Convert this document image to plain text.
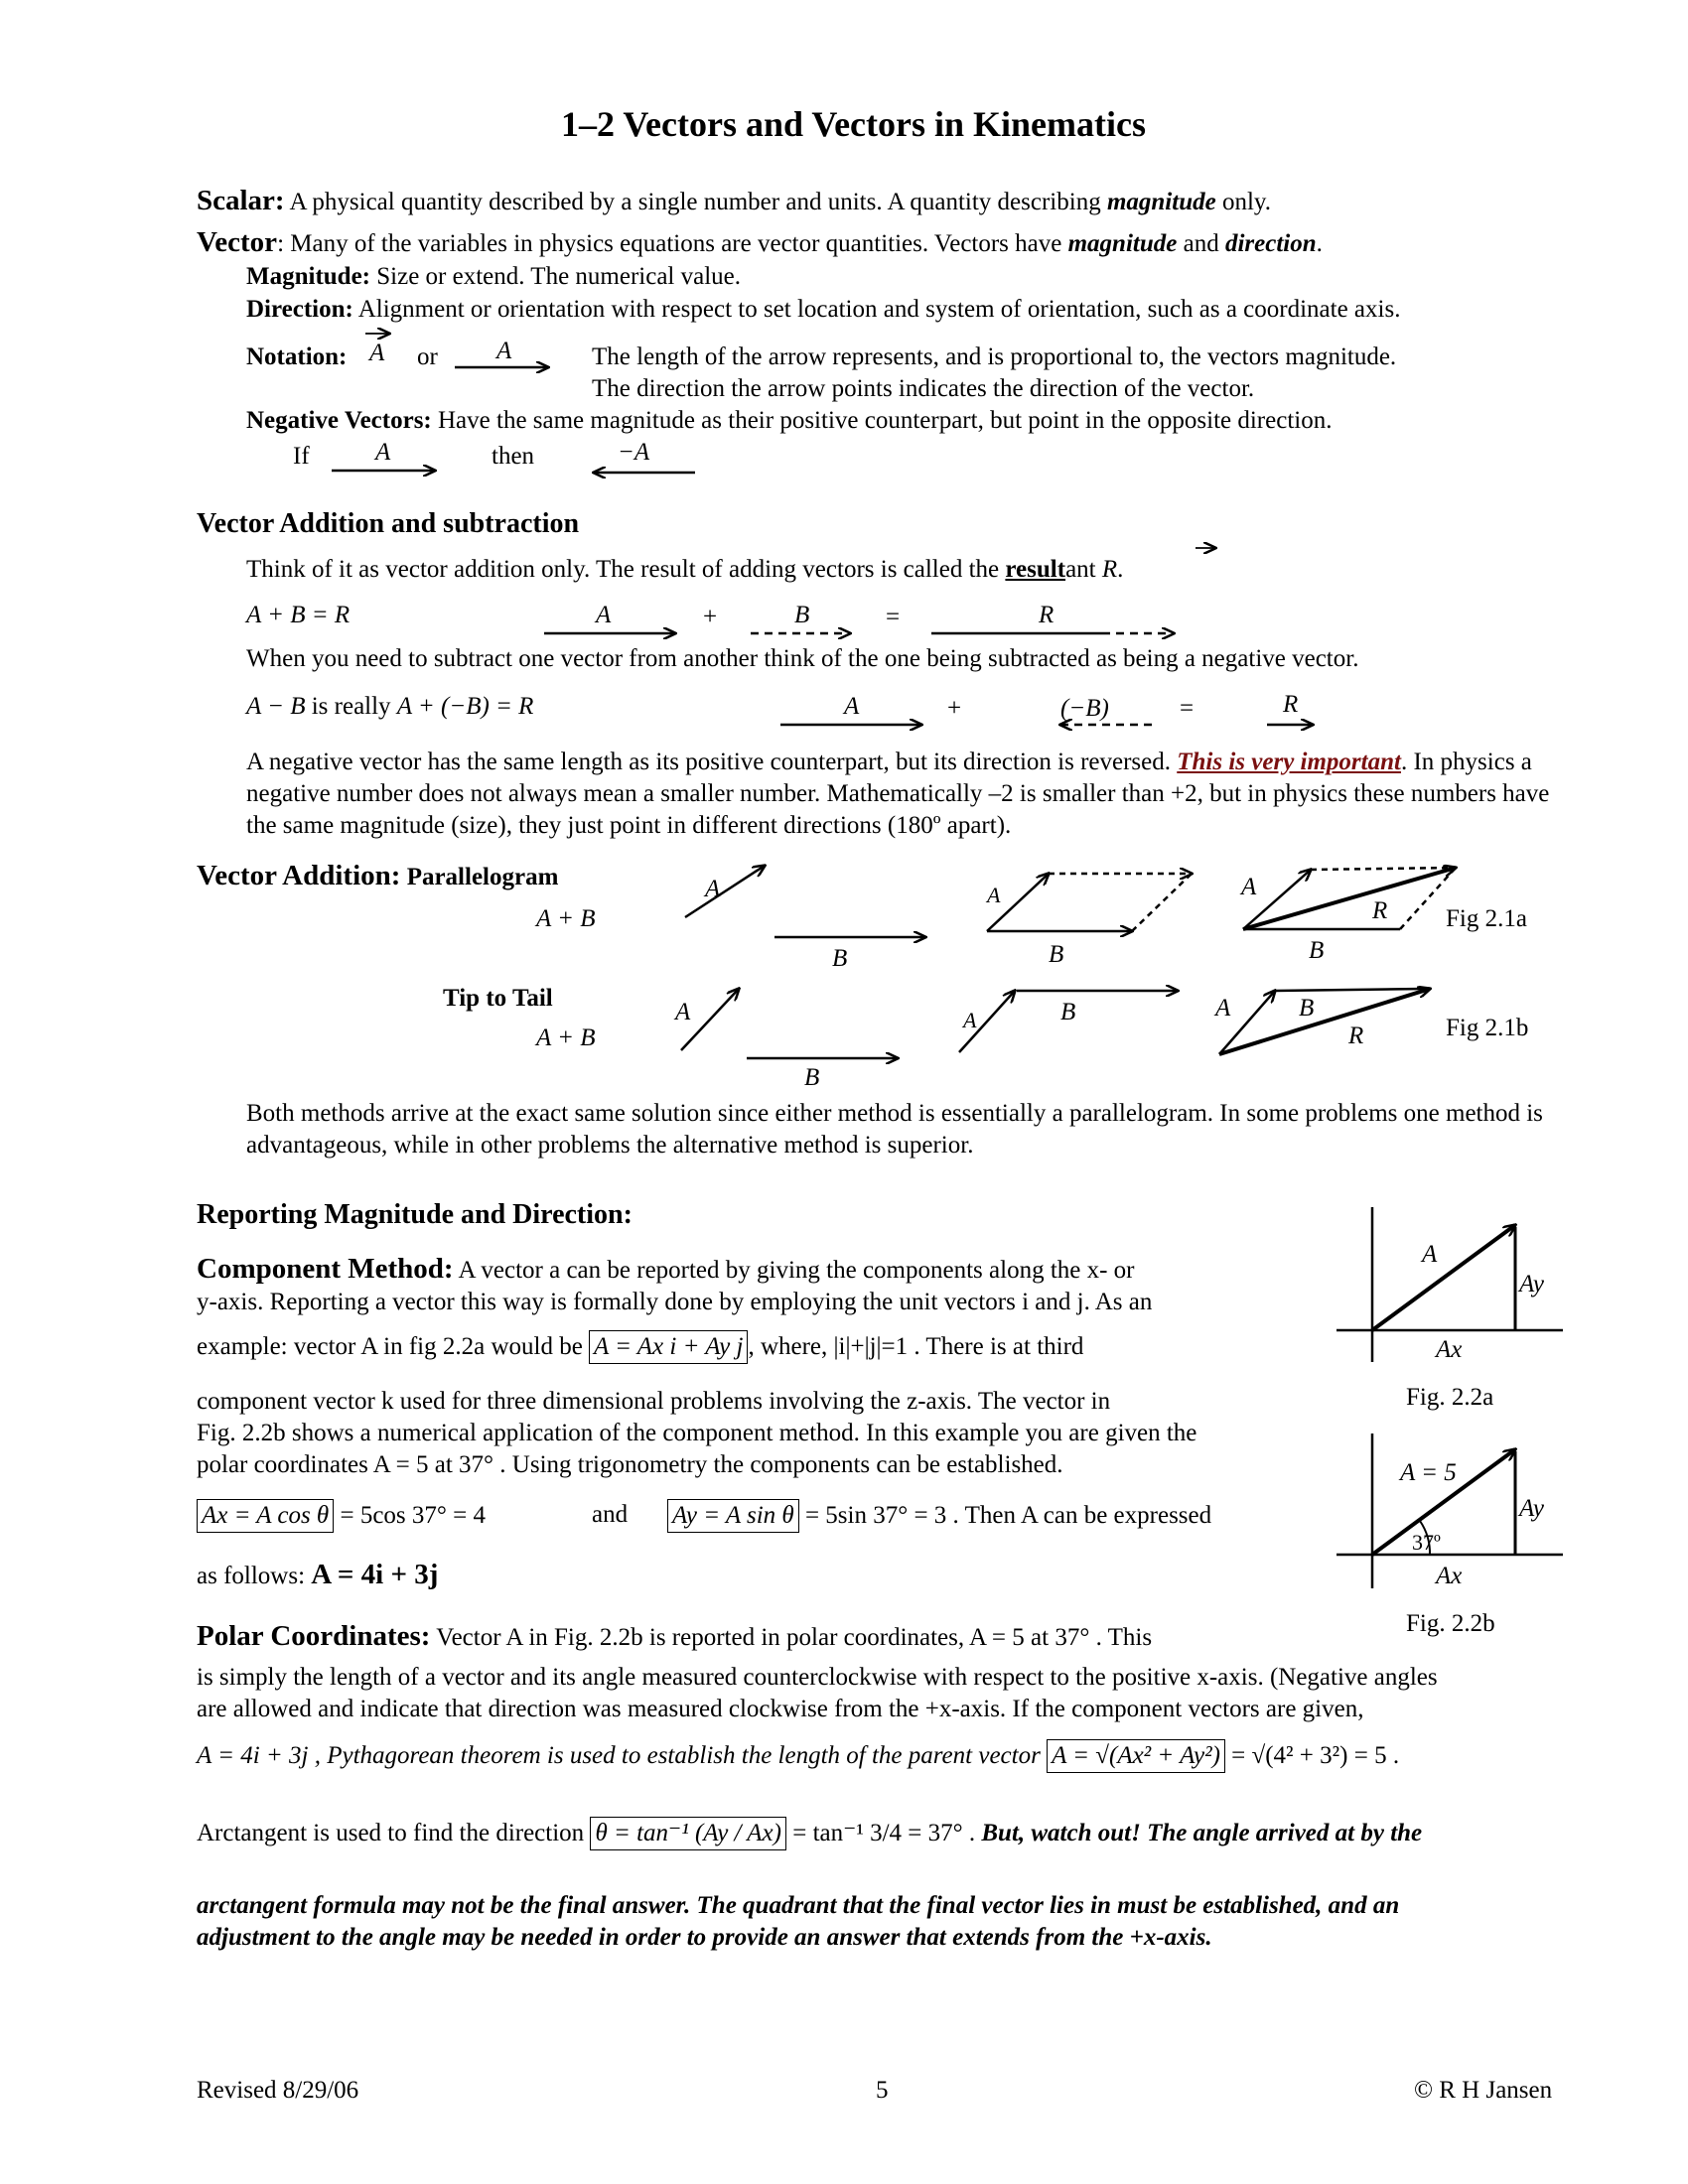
1–2 Vectors and Vectors in Kinematics
Scalar: A physical quantity described by a single number and units. A quantity describing magnitude only.
Vector: Many of the variables in physics equations are vector quantities. Vectors have magnitude and direction.
Magnitude: Size or extend. The numerical value.
Direction: Alignment or orientation with respect to set location and system of orientation, such as a coordinate axis.
Notation: A or A	The length of the arrow represents, and is proportional to, the vectors magnitude.
The direction the arrow points indicates the direction of the vector.
Negative Vectors: Have the same magnitude as their positive counterpart, but point in the opposite direction.
If	A	then	−A
Vector Addition and subtraction
Think of it as vector addition only. The result of adding vectors is called the resultant R.
A + B = R	A	+	B	=	R
When you need to subtract one vector from another think of the one being subtracted as being a negative vector.
A − B is really A + (−B) = R	A	+	(−B)	=	R
A negative vector has the same length as its positive counterpart, but its direction is reversed. This is very important. In physics a negative number does not always mean a smaller number. Mathematically –2 is smaller than +2, but in physics these numbers have the same magnitude (size), they just point in different directions (180º apart).
Vector Addition: Parallelogram
A + B
Tip to Tail
A + B
A
B
A
B
A
R
B
Fig 2.1a
A
B
A	B	A	B
R	Fig 2.1b
Both methods arrive at the exact same solution since either method is essentially a parallelogram. In some problems one method is advantageous, while in other problems the alternative method is superior.
Reporting Magnitude and Direction:
Component Method: A vector a can be reported by giving the components along the x- or
y-axis. Reporting a vector this way is formally done by employing the unit vectors i and j. As an
example: vector A in fig 2.2a would be A = Ax i + Ay j , where, |i|+|j|=1 . There is at third
component vector k used for three dimensional problems involving the z-axis. The vector in
Fig. 2.2b shows a numerical application of the component method. In this example you are given the
polar coordinates A = 5 at 37° . Using trigonometry the components can be established.
Ax = A cos θ = 5cos 37° = 4	and Ay = A sin θ = 5sin 37° = 3 . Then A can be expressed
as follows: A = 4i + 3j
A
Ay
Ax
Fig. 2.2a
A = 5
Ay
37º
Ax
Fig. 2.2b
Polar Coordinates: Vector A in Fig. 2.2b is reported in polar coordinates, A = 5 at 37° . This
is simply the length of a vector and its angle measured counterclockwise with respect to the positive x-axis. (Negative angles
are allowed and indicate that direction was measured clockwise from the +x-axis. If the component vectors are given,
A = 4i + 3j , Pythagorean theorem is used to establish the length of the parent vector A = √(Ax² + Ay²) = √(4² + 3²) = 5 .
Arctangent is used to find the direction θ = tan⁻¹ (Ay / Ax) = tan⁻¹ 3/4 = 37° . But, watch out! The angle arrived at by the
arctangent formula may not be the final answer. The quadrant that the final vector lies in must be established, and an
adjustment to the angle may be needed in order to provide an answer that extends from the +x-axis.
Revised 8/29/06	5	© R H Jansen
